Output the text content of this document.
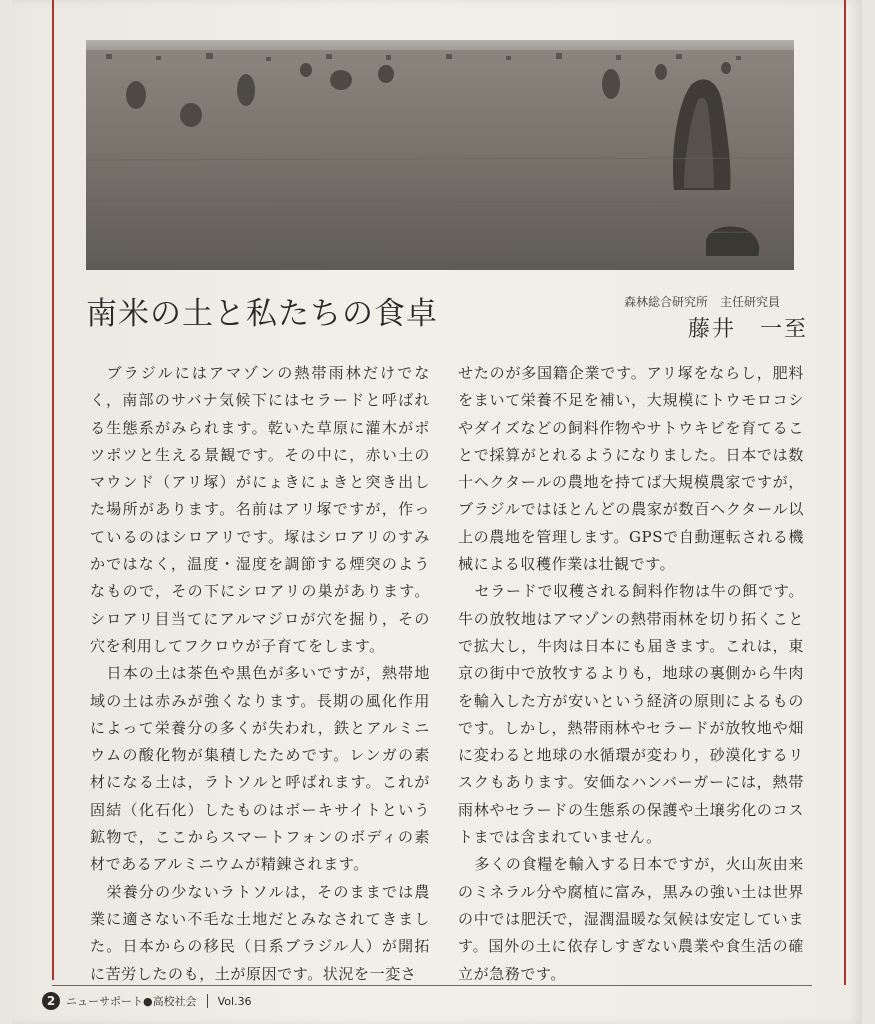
南米の土と私たちの食卓	森林総合研究所　主任研究員
藤井　一至

ブラジルにはアマゾンの熱帯雨林だけでなく，南部のサバナ気候下にはセラードと呼ばれる生態系がみられます。乾いた草原に灌木がポツポツと生える景観です。その中に，赤い土のマウンド（アリ塚）がにょきにょきと突き出した場所があります。名前はアリ塚ですが，作っているのはシロアリです。塚はシロアリのすみかではなく，温度・湿度を調節する煙突のようなもので，その下にシロアリの巣があります。シロアリ目当てにアルマジロが穴を掘り，その穴を利用してフクロウが子育てをします。

日本の土は茶色や黒色が多いですが，熱帯地域の土は赤みが強くなります。長期の風化作用によって栄養分の多くが失われ，鉄とアルミニウムの酸化物が集積したためです。レンガの素材になる土は，ラトソルと呼ばれます。これが固結（化石化）したものはボーキサイトという鉱物で，ここからスマートフォンのボディの素材であるアルミニウムが精錬されます。

栄養分の少ないラトソルは，そのままでは農業に適さない不毛な土地だとみなされてきました。日本からの移民（日系ブラジル人）が開拓に苦労したのも，土が原因です。状況を一変さ

せたのが多国籍企業です。アリ塚をならし，肥料をまいて栄養不足を補い，大規模にトウモロコシやダイズなどの飼料作物やサトウキビを育てることで採算がとれるようになりました。日本では数十ヘクタールの農地を持てば大規模農家ですが，ブラジルではほとんどの農家が数百ヘクタール以上の農地を管理します。GPSで自動運転される機械による収穫作業は壮観です。

セラードで収穫される飼料作物は牛の餌です。牛の放牧地はアマゾンの熱帯雨林を切り拓くことで拡大し，牛肉は日本にも届きます。これは，東京の街中で放牧するよりも，地球の裏側から牛肉を輸入した方が安いという経済の原則によるものです。しかし，熱帯雨林やセラードが放牧地や畑に変わると地球の水循環が変わり，砂漠化するリスクもあります。安価なハンバーガーには，熱帯雨林やセラードの生態系の保護や土壌劣化のコストまでは含まれていません。

多くの食糧を輸入する日本ですが，火山灰由来のミネラル分や腐植に富み，黒みの強い土は世界の中では肥沃で，湿潤温暖な気候は安定しています。国外の土に依存しすぎない農業や食生活の確立が急務です。

2 ニューサポート●高校社会 Vol.36
